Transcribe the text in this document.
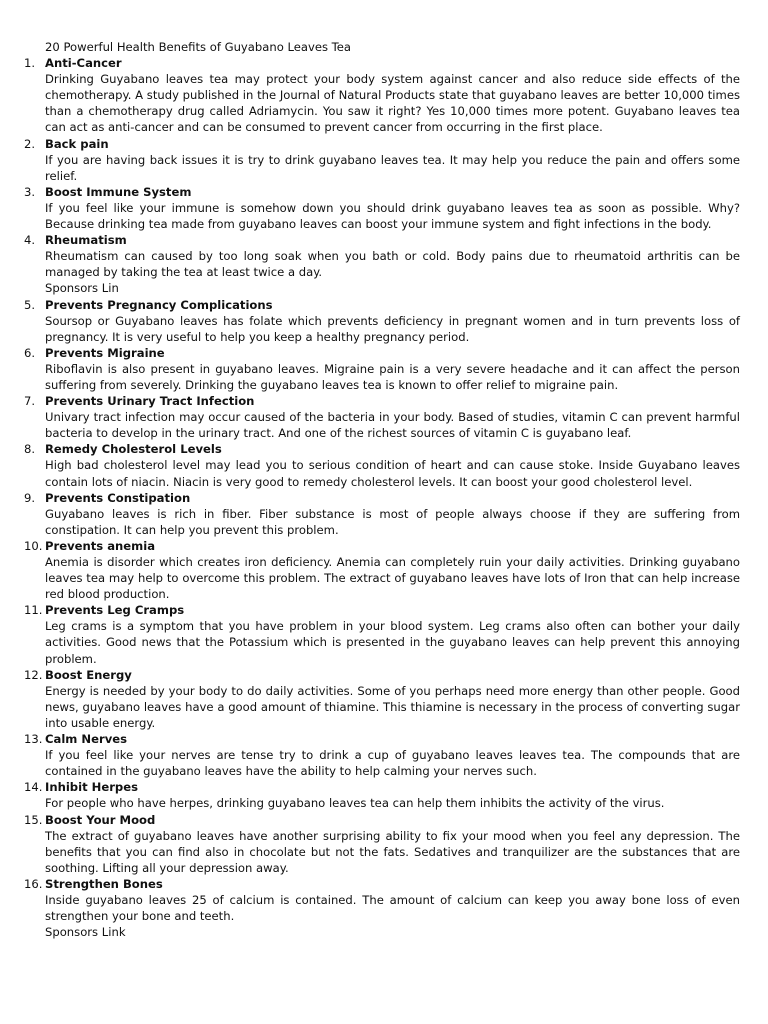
20 Powerful Health Benefits of Guyabano Leaves Tea
1. Anti-Cancer
Drinking Guyabano leaves tea may protect your body system against cancer and also reduce side effects of the chemotherapy. A study published in the Journal of Natural Products state that guyabano leaves are better 10,000 times than a chemotherapy drug called Adriamycin. You saw it right? Yes 10,000 times more potent. Guyabano leaves tea can act as anti-cancer and can be consumed to prevent cancer from occurring in the first place.
2. Back pain
If you are having back issues it is try to drink guyabano leaves tea. It may help you reduce the pain and offers some relief.
3. Boost Immune System
If you feel like your immune is somehow down you should drink guyabano leaves tea as soon as possible. Why? Because drinking tea made from guyabano leaves can boost your immune system and fight infections in the body.
4. Rheumatism
Rheumatism can caused by too long soak when you bath or cold. Body pains due to rheumatoid arthritis can be managed by taking the tea at least twice a day.
Sponsors Lin
5. Prevents Pregnancy Complications
Soursop or Guyabano leaves has folate which prevents deficiency in pregnant women and in turn prevents loss of pregnancy. It is very useful to help you keep a healthy pregnancy period.
6. Prevents Migraine
Riboflavin is also present in guyabano leaves. Migraine pain is a very severe headache and it can affect the person suffering from severely. Drinking the guyabano leaves tea is known to offer relief to migraine pain.
7. Prevents Urinary Tract Infection
Univary tract infection may occur caused of the bacteria in your body. Based of studies, vitamin C can prevent harmful bacteria to develop in the urinary tract. And one of the richest sources of vitamin C is guyabano leaf.
8. Remedy Cholesterol Levels
High bad cholesterol level may lead you to serious condition of heart and can cause stoke. Inside Guyabano leaves contain lots of niacin. Niacin is very good to remedy cholesterol levels. It can boost your good cholesterol level.
9. Prevents Constipation
Guyabano leaves is rich in fiber. Fiber substance is most of people always choose if they are suffering from constipation. It can help you prevent this problem.
10. Prevents anemia
Anemia is disorder which creates iron deficiency. Anemia can completely ruin your daily activities. Drinking guyabano leaves tea may help to overcome this problem. The extract of guyabano leaves have lots of Iron that can help increase red blood production.
11. Prevents Leg Cramps
Leg crams is a symptom that you have problem in your blood system. Leg crams also often can bother your daily activities. Good news that the Potassium which is presented in the guyabano leaves can help prevent this annoying problem.
12. Boost Energy
Energy is needed by your body to do daily activities. Some of you perhaps need more energy than other people. Good news, guyabano leaves have a good amount of thiamine. This thiamine is necessary in the process of converting sugar into usable energy.
13. Calm Nerves
If you feel like your nerves are tense try to drink a cup of guyabano leaves leaves tea. The compounds that are contained in the guyabano leaves have the ability to help calming your nerves such.
14. Inhibit Herpes
For people who have herpes, drinking guyabano leaves tea can help them inhibits the activity of the virus.
15. Boost Your Mood
The extract of guyabano leaves have another surprising ability to fix your mood when you feel any depression. The benefits that you can find also in chocolate but not the fats. Sedatives and tranquilizer are the substances that are soothing. Lifting all your depression away.
16. Strengthen Bones
Inside guyabano leaves 25 of calcium is contained. The amount of calcium can keep you away bone loss of even strengthen your bone and teeth.
Sponsors Link
